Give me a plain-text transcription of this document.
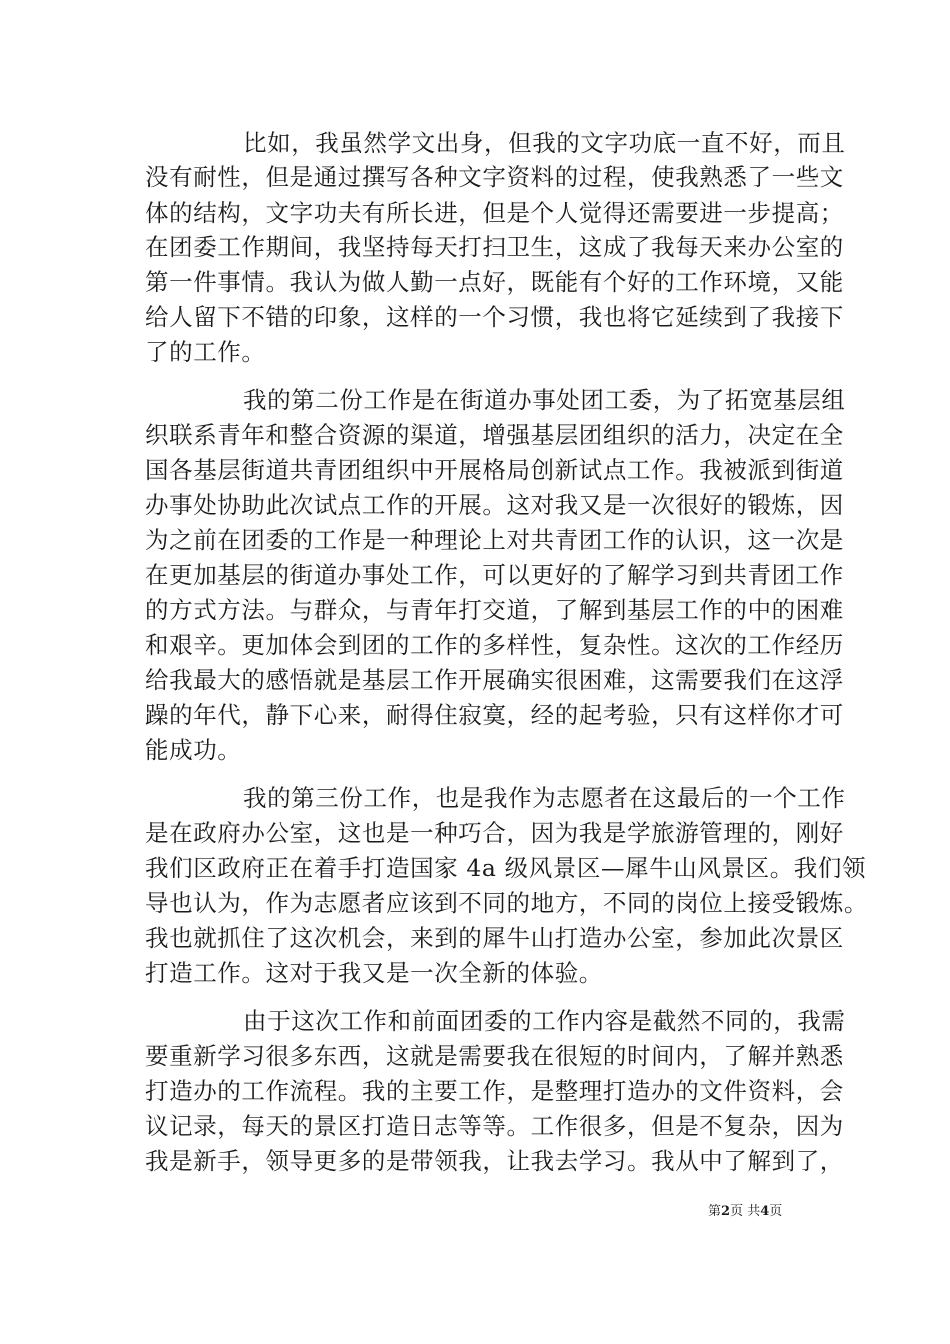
比如，我虽然学文出身，但我的文字功底一直不好，而且
没有耐性，但是通过撰写各种文字资料的过程，使我熟悉了一些文
体的结构，文字功夫有所长进，但是个人觉得还需要进一步提高；
在团委工作期间，我坚持每天打扫卫生，这成了我每天来办公室的
第一件事情。我认为做人勤一点好，既能有个好的工作环境，又能
给人留下不错的印象，这样的一个习惯，我也将它延续到了我接下
了的工作。
我的第二份工作是在街道办事处团工委，为了拓宽基层组
织联系青年和整合资源的渠道，增强基层团组织的活力，决定在全
国各基层街道共青团组织中开展格局创新试点工作。我被派到街道
办事处协助此次试点工作的开展。这对我又是一次很好的锻炼，因
为之前在团委的工作是一种理论上对共青团工作的认识，这一次是
在更加基层的街道办事处工作，可以更好的了解学习到共青团工作
的方式方法。与群众，与青年打交道，了解到基层工作的中的困难
和艰辛。更加体会到团的工作的多样性，复杂性。这次的工作经历
给我最大的感悟就是基层工作开展确实很困难，这需要我们在这浮
躁的年代，静下心来，耐得住寂寞，经的起考验，只有这样你才可
能成功。
我的第三份工作，也是我作为志愿者在这最后的一个工作
是在政府办公室，这也是一种巧合，因为我是学旅游管理的，刚好
我们区政府正在着手打造国家 4a 级风景区—犀牛山风景区。我们领
导也认为，作为志愿者应该到不同的地方，不同的岗位上接受锻炼。
我也就抓住了这次机会，来到的犀牛山打造办公室，参加此次景区
打造工作。这对于我又是一次全新的体验。
由于这次工作和前面团委的工作内容是截然不同的，我需
要重新学习很多东西，这就是需要我在很短的时间内，了解并熟悉
打造办的工作流程。我的主要工作，是整理打造办的文件资料，会
议记录，每天的景区打造日志等等。工作很多，但是不复杂，因为
我是新手，领导更多的是带领我，让我去学习。我从中了解到了，
第2页 共4页
